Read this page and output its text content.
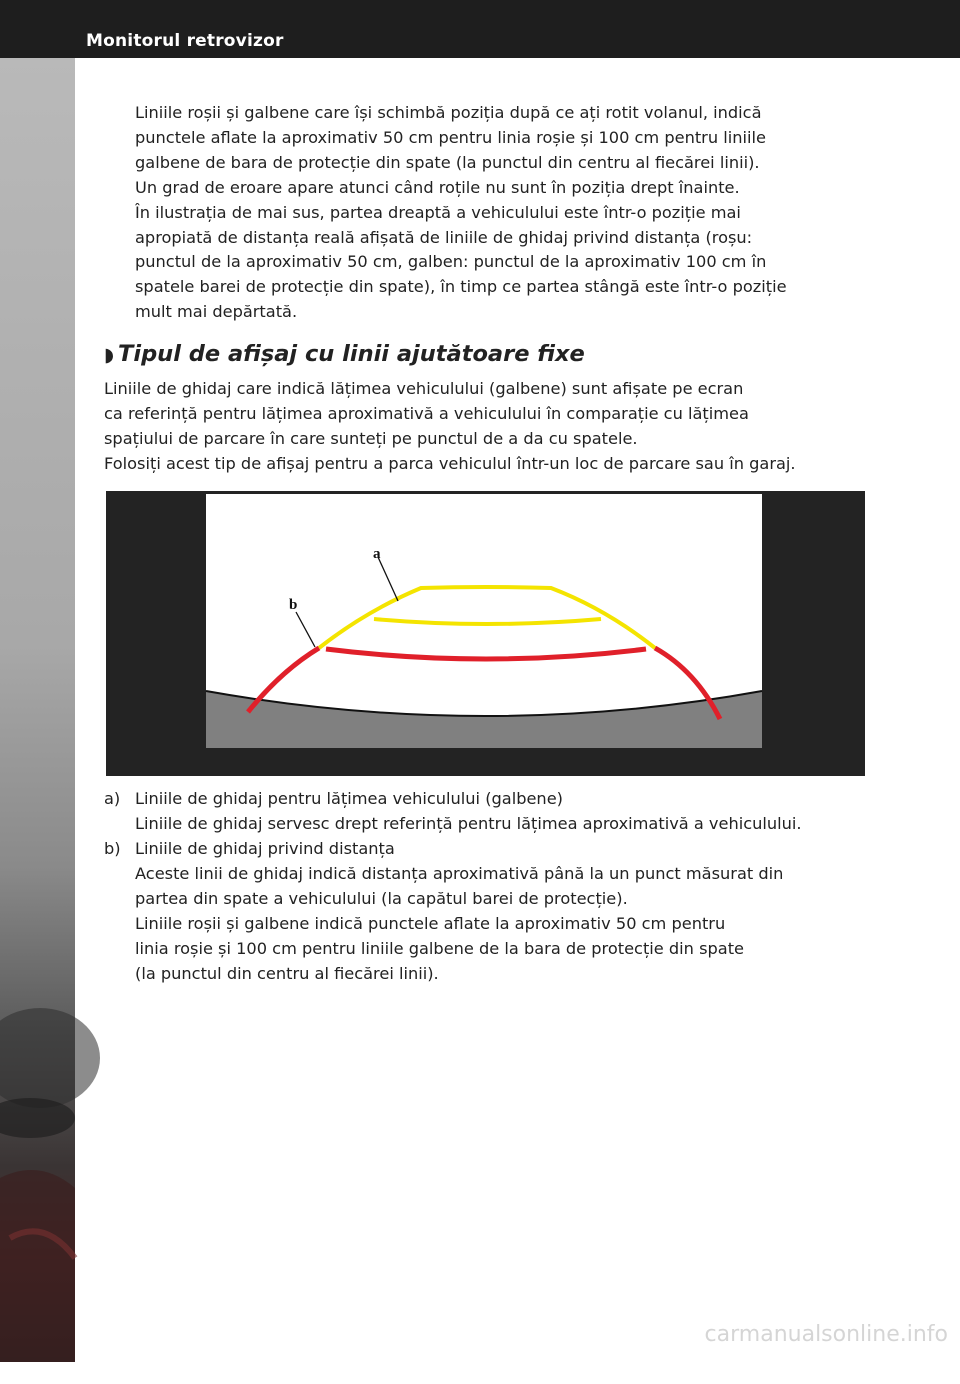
Monitorul retrovizor
4-98

Liniile roșii și galbene care își schimbă poziția după ce ați rotit volanul, indică
punctele aflate la aproximativ 50 cm pentru linia roșie și 100 cm pentru liniile
galbene de bara de protecție din spate (la punctul din centru al fiecărei linii).
Un grad de eroare apare atunci când roțile nu sunt în poziția drept înainte.
În ilustrația de mai sus, partea dreaptă a vehiculului este într-o poziție mai
apropiată de distanța reală afișată de liniile de ghidaj privind distanța (roșu:
punctul de la aproximativ 50 cm, galben: punctul de la aproximativ 100 cm în
spatele barei de protecție din spate), în timp ce partea stângă este într-o poziție
mult mai depărtată.

◗ Tipul de afișaj cu linii ajutătoare fixe

Liniile de ghidaj care indică lățimea vehiculului (galbene) sunt afișate pe ecran
ca referință pentru lățimea aproximativă a vehiculului în comparație cu lățimea
spațiului de parcare în care sunteți pe punctul de a da cu spatele.

Folosiți acest tip de afișaj pentru a parca vehiculul într-un loc de parcare sau în garaj.

a
b
a) Liniile de ghidaj pentru lățimea vehiculului (galbene)
Liniile de ghidaj servesc drept referință pentru lățimea aproximativă a vehiculului.
b) Liniile de ghidaj privind distanța
Aceste linii de ghidaj indică distanța aproximativă până la un punct măsurat din
partea din spate a vehiculului (la capătul barei de protecție).
Liniile roșii și galbene indică punctele aflate la aproximativ 50 cm pentru
linia roșie și 100 cm pentru liniile galbene de la bara de protecție din spate
(la punctul din centru al fiecărei linii).
carmanualsonline.info
